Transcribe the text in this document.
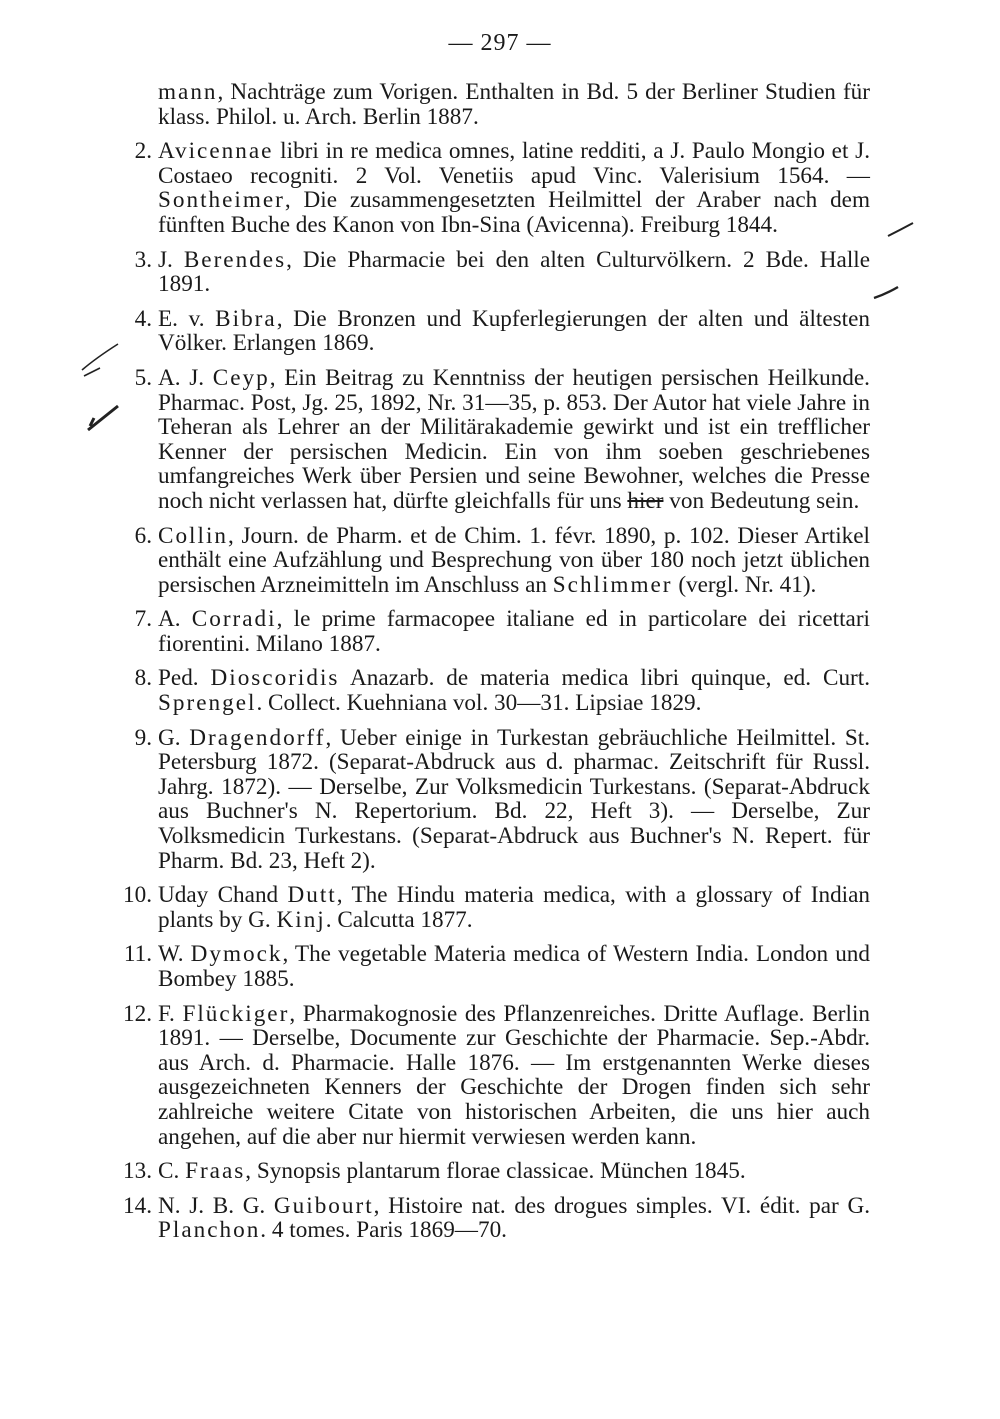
— 297 —
mann, Nachträge zum Vorigen. Enthalten in Bd. 5 der Berliner Studien für klass. Philol. u. Arch. Berlin 1887.
2. Avicennae libri in re medica omnes, latine redditi, a J. Paulo Mongio et J. Costaeo recogniti. 2 Vol. Venetiis apud Vinc. Valerisium 1564. — Sontheimer, Die zusammengesetzten Heilmittel der Araber nach dem fünften Buche des Kanon von Ibn-Sina (Avicenna). Freiburg 1844.
3. J. Berendes, Die Pharmacie bei den alten Culturvölkern. 2 Bde. Halle 1891.
4. E. v. Bibra, Die Bronzen und Kupferlegierungen der alten und ältesten Völker. Erlangen 1869.
5. A. J. Ceyp, Ein Beitrag zu Kenntniss der heutigen persischen Heilkunde. Pharmac. Post, Jg. 25, 1892, Nr. 31—35, p. 853. Der Autor hat viele Jahre in Teheran als Lehrer an der Militärakademie gewirkt und ist ein trefflicher Kenner der persischen Medicin. Ein von ihm soeben geschriebenes umfangreiches Werk über Persien und seine Bewohner, welches die Presse noch nicht verlassen hat, dürfte gleichfalls für uns hier von Bedeutung sein.
6. Collin, Journ. de Pharm. et de Chim. 1. févr. 1890, p. 102. Dieser Artikel enthält eine Aufzählung und Besprechung von über 180 noch jetzt üblichen persischen Arzneimitteln im Anschluss an Schlimmer (vergl. Nr. 41).
7. A. Corradi, le prime farmacopee italiane ed in particolare dei ricettari fiorentini. Milano 1887.
8. Ped. Dioscoridis Anazarb. de materia medica libri quinque, ed. Curt. Sprengel. Collect. Kuehniana vol. 30—31. Lipsiae 1829.
9. G. Dragendorff, Ueber einige in Turkestan gebräuchliche Heilmittel. St. Petersburg 1872. (Separat-Abdruck aus d. pharmac. Zeitschrift für Russl. Jahrg. 1872). — Derselbe, Zur Volksmedicin Turkestans. (Separat-Abdruck aus Buchner's N. Repertorium. Bd. 22, Heft 3). — Derselbe, Zur Volksmedicin Turkestans. (Separat-Abdruck aus Buchner's N. Repert. für Pharm. Bd. 23, Heft 2).
10. Uday Chand Dutt, The Hindu materia medica, with a glossary of Indian plants by G. Kinj. Calcutta 1877.
11. W. Dymock, The vegetable Materia medica of Western India. London und Bombey 1885.
12. F. Flückiger, Pharmakognosie des Pflanzenreiches. Dritte Auflage. Berlin 1891. — Derselbe, Documente zur Geschichte der Pharmacie. Sep.-Abdr. aus Arch. d. Pharmacie. Halle 1876. — Im erstgenannten Werke dieses ausgezeichneten Kenners der Geschichte der Drogen finden sich sehr zahlreiche weitere Citate von historischen Arbeiten, die uns hier auch angehen, auf die aber nur hiermit verwiesen werden kann.
13. C. Fraas, Synopsis plantarum florae classicae. München 1845.
14. N. J. B. G. Guibourt, Histoire nat. des drogues simples. VI. édit. par G. Planchon. 4 tomes. Paris 1869—70.
